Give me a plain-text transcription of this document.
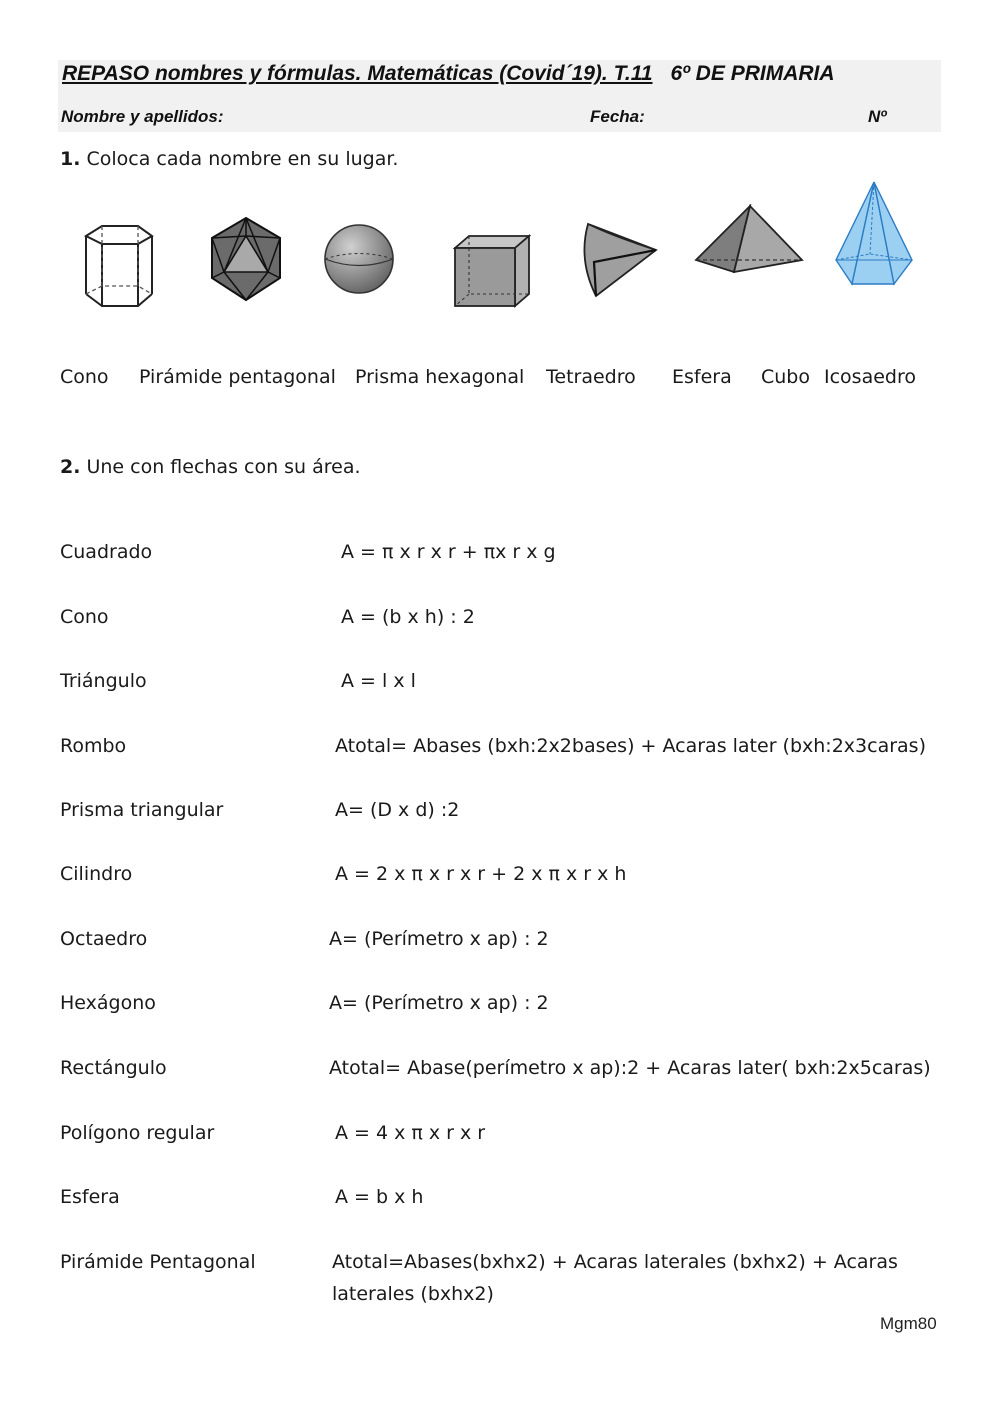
REPASO nombres y fórmulas. Matemáticas (Covid´19). T.11 6º DE PRIMARIA
Nombre y apellidos:	Fecha:	Nº
1. Coloca cada nombre en su lugar.
Cono Pirámide pentagonal Prisma hexagonal Tetraedro Esfera Cubo Icosaedro
2. Une con flechas con su área.
Cuadrado	A = π x r x r + πx r x g
Cono	A = (b x h) : 2
Triángulo	A = l x l
Rombo	Atotal= Abases (bxh:2x2bases) + Acaras later (bxh:2x3caras)
Prisma triangular	A= (D x d) :2
Cilindro	A = 2 x π x r x r + 2 x π x r x h
Octaedro	A= (Perímetro x ap) : 2
Hexágono	A= (Perímetro x ap) : 2
Rectángulo	Atotal= Abase(perímetro x ap):2 + Acaras later( bxh:2x5caras)
Polígono regular	A = 4 x π x r x r
Esfera	A = b x h
Pirámide Pentagonal	Atotal=Abases(bxhx2) + Acaras laterales (bxhx2) + Acaras laterales (bxhx2)
Mgm80
